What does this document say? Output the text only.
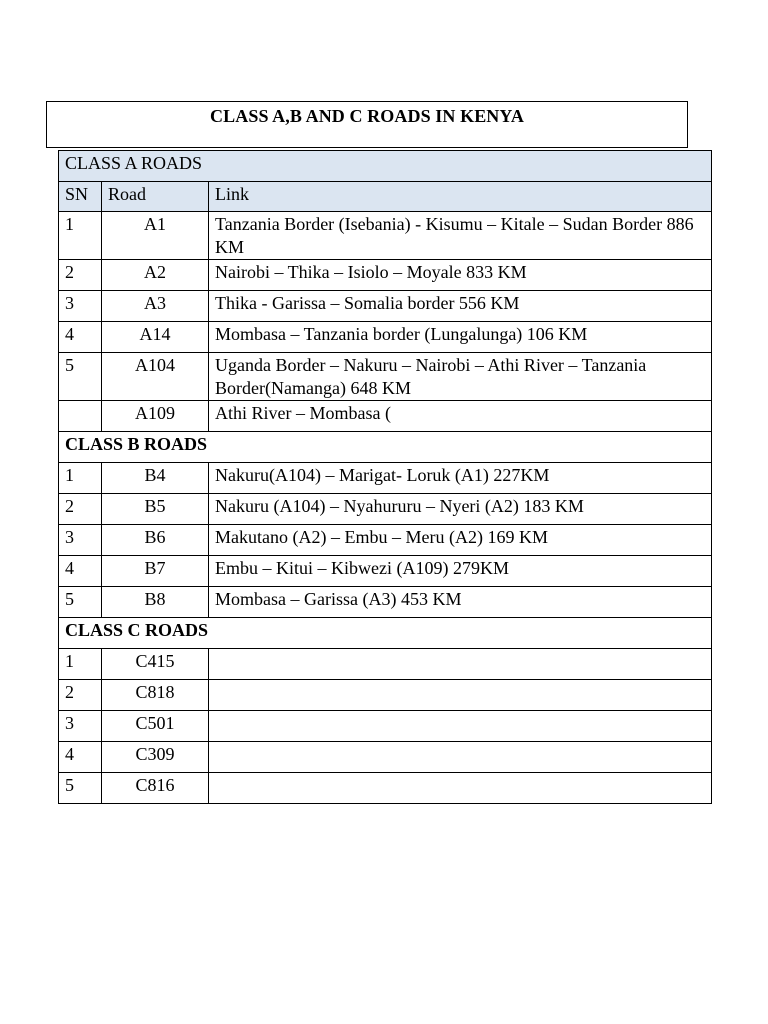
CLASS A,B AND C ROADS IN KENYA
CLASS A ROADS		
SN	Road	Link
1	A1	Tanzania Border (Isebania) - Kisumu – Kitale – Sudan Border 886 KM
2	A2	Nairobi – Thika – Isiolo – Moyale 833 KM
3	A3	Thika - Garissa – Somalia border 556 KM
4	A14	Mombasa – Tanzania border (Lungalunga) 106 KM
5	A104	Uganda Border – Nakuru – Nairobi – Athi River – Tanzania Border(Namanga) 648 KM
	A109	Athi River – Mombasa (
CLASS B ROADS		
1	B4	Nakuru(A104) – Marigat- Loruk (A1) 227KM
2	B5	Nakuru (A104) – Nyahururu – Nyeri (A2) 183 KM
3	B6	Makutano (A2) – Embu – Meru (A2) 169 KM
4	B7	Embu – Kitui – Kibwezi (A109) 279KM
5	B8	Mombasa – Garissa (A3) 453 KM
CLASS C ROADS		
1	C415	
2	C818	
3	C501	
4	C309	
5	C816	
